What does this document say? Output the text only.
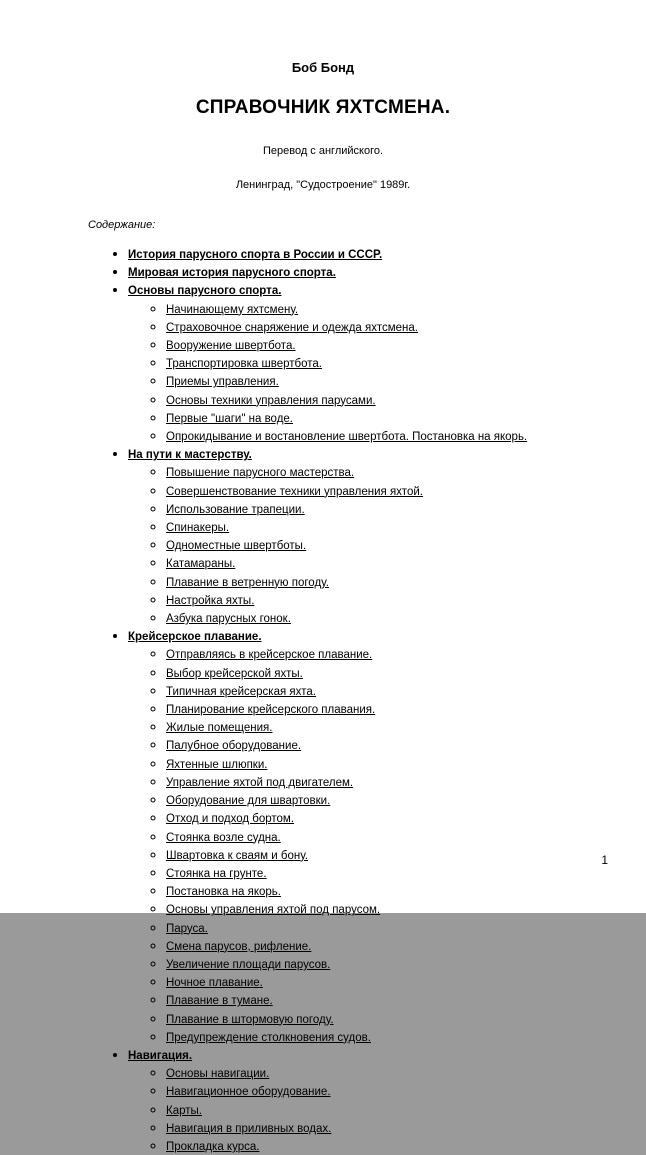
Боб Бонд
СПРАВОЧНИК ЯХТСМЕНА.
Перевод с английского.
Ленинград, "Судостроение" 1989г.
Содержание:
• История парусного спорта в России и СССР.
• Мировая история парусного спорта.
• Основы парусного спорта.
◦ Начинающему яхтсмену.
◦ Страховочное снаряжение и одежда яхтсмена.
◦ Вооружение швертбота.
◦ Транспортировка швертбота.
◦ Приемы управления.
◦ Основы техники управления парусами.
◦ Первые "шаги" на воде.
◦ Опрокидывание и востановление швертбота. Постановка на якорь.
• На пути к мастерству.
◦ Повышение парусного мастерства.
◦ Совершенствование техники управления яхтой.
◦ Использование трапеции.
◦ Спинакеры.
◦ Одноместные швертботы.
◦ Катамараны.
◦ Плавание в ветренную погоду.
◦ Настройка яхты.
◦ Азбука парусных гонок.
• Крейсерское плавание.
◦ Отправляясь в крейсерское плавание.
◦ Выбор крейсерской яхты.
◦ Типичная крейсерская яхта.
◦ Планирование крейсерского плавания.
◦ Жилые помещения.
◦ Палубное оборудование.
◦ Яхтенные шлюпки.
◦ Управление яхтой под двигателем.
◦ Оборудование для швартовки.
◦ Отход и подход бортом.
◦ Стоянка возле судна.
◦ Швартовка к сваям и бону.
◦ Стоянка на грунте.
◦ Постановка на якорь.
◦ Основы управления яхтой под парусом.
◦ Паруса.
◦ Смена парусов, рифление.
◦ Увеличение площади парусов.
◦ Ночное плавание.
◦ Плавание в тумане.
◦ Плавание в штормовую погоду.
◦ Предупреждение столкновения судов.
• Навигация.
◦ Основы навигации.
◦ Навигационное оборудование.
◦ Карты.
◦ Навигация в приливных водах.
◦ Прокладка курса.
1
